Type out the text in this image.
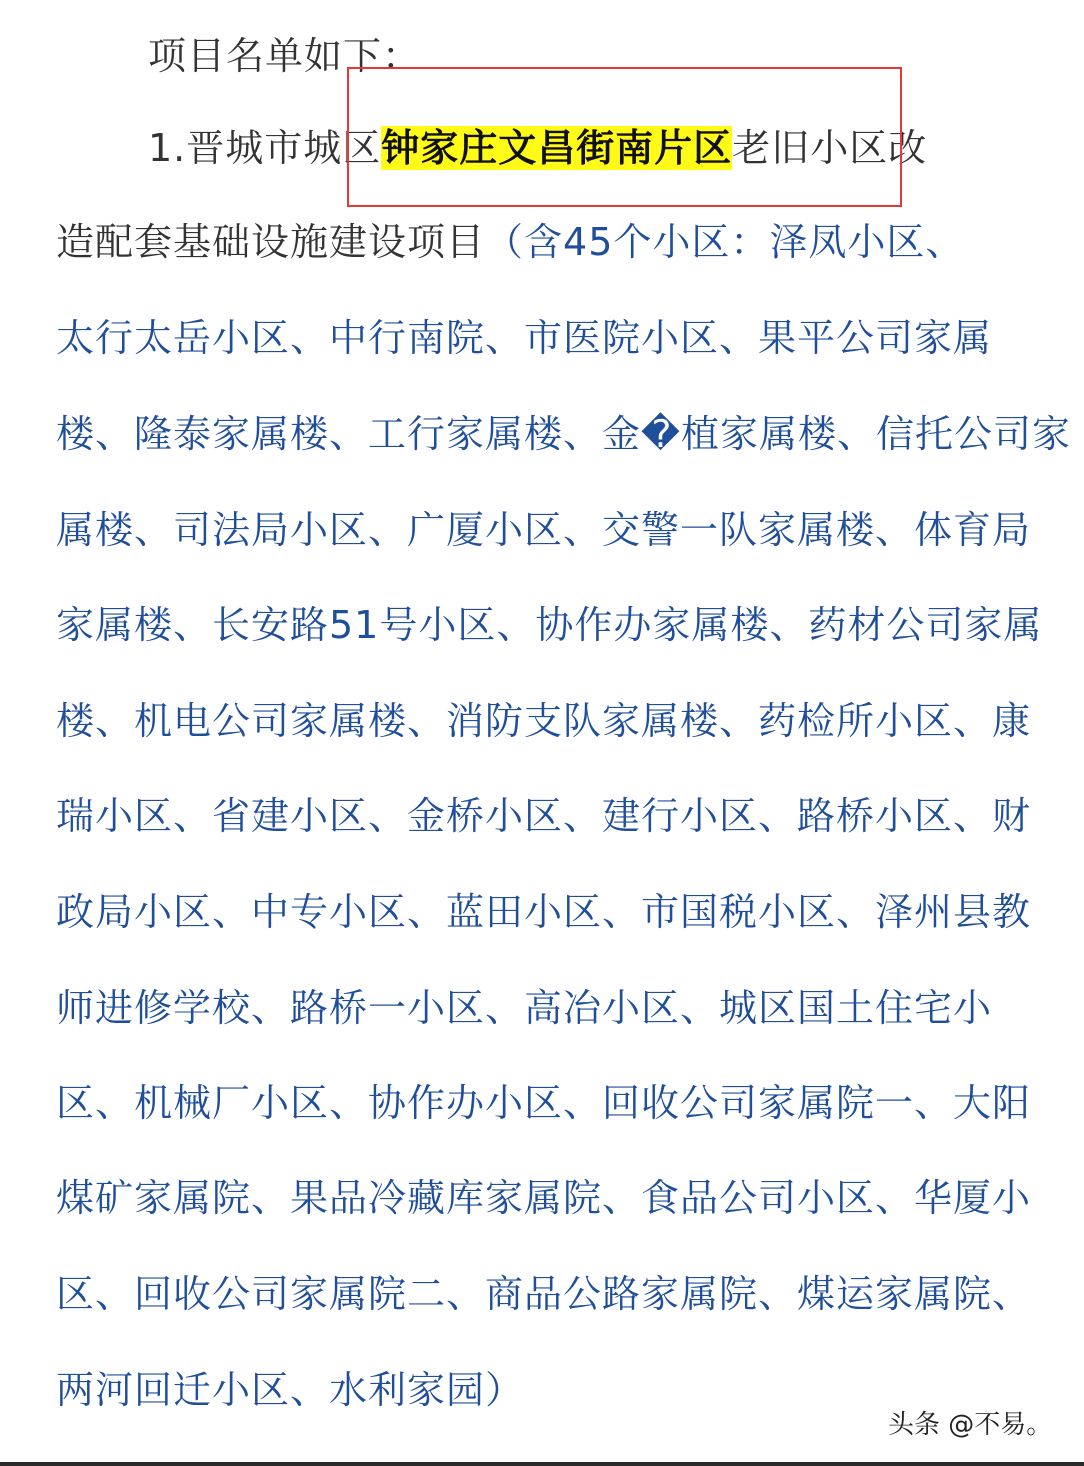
项目名单如下：
1.晋城市城区钟家庄文昌街南片区老旧小区改
造配套基础设施建设项目（含45个小区：泽凤小区、
太行太岳小区、中行南院、市医院小区、果平公司家属
楼、隆泰家属楼、工行家属楼、金�植家属楼、信托公司家
属楼、司法局小区、广厦小区、交警一队家属楼、体育局
家属楼、长安路51号小区、协作办家属楼、药材公司家属
楼、机电公司家属楼、消防支队家属楼、药检所小区、康
瑞小区、省建小区、金桥小区、建行小区、路桥小区、财
政局小区、中专小区、蓝田小区、市国税小区、泽州县教
师进修学校、路桥一小区、高冶小区、城区国土住宅小
区、机械厂小区、协作办小区、回收公司家属院一、大阳
煤矿家属院、果品冷藏库家属院、食品公司小区、华厦小
区、回收公司家属院二、商品公路家属院、煤运家属院、
两河回迁小区、水利家园）
头条 @不易。
